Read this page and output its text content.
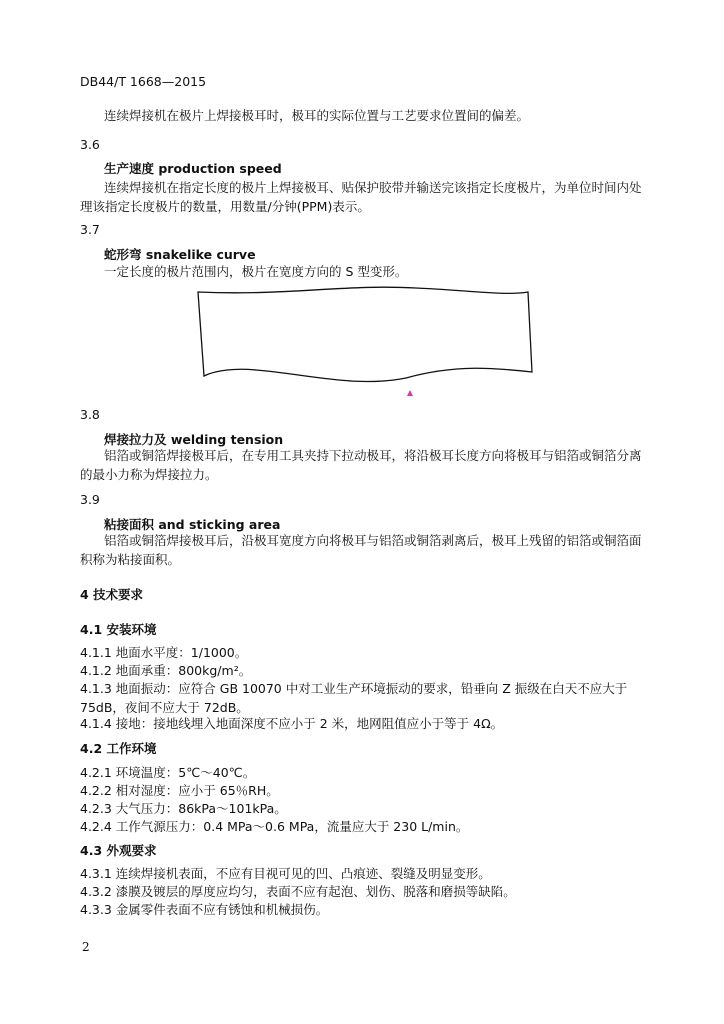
DB44/T 1668—2015
连续焊接机在极片上焊接极耳时，极耳的实际位置与工艺要求位置间的偏差。
3.6
生产速度 production speed
连续焊接机在指定长度的极片上焊接极耳、贴保护胶带并输送完该指定长度极片，为单位时间内处理该指定长度极片的数量，用数量/分钟(PPM)表示。
3.7
蛇形弯 snakelike curve
一定长度的极片范围内，极片在宽度方向的 S 型变形。
3.8
焊接拉力及 welding tension
铝箔或铜箔焊接极耳后，在专用工具夹持下拉动极耳，将沿极耳长度方向将极耳与铝箔或铜箔分离的最小力称为焊接拉力。
3.9
粘接面积 and sticking area
铝箔或铜箔焊接极耳后，沿极耳宽度方向将极耳与铝箔或铜箔剥离后，极耳上残留的铝箔或铜箔面积称为粘接面积。
4 技术要求
4.1 安装环境
4.1.1 地面水平度：1/1000。
4.1.2 地面承重：800kg/m²。
4.1.3 地面振动：应符合 GB 10070 中对工业生产环境振动的要求，铅垂向 Z 振级在白天不应大于 75dB，夜间不应大于 72dB。
4.1.4 接地：接地线埋入地面深度不应小于 2 米，地网阻值应小于等于 4Ω。
4.2 工作环境
4.2.1 环境温度：5℃～40℃。
4.2.2 相对湿度：应小于 65％RH。
4.2.3 大气压力：86kPa～101kPa。
4.2.4 工作气源压力：0.4 MPa～0.6 MPa，流量应大于 230 L/min。
4.3 外观要求
4.3.1 连续焊接机表面，不应有目视可见的凹、凸痕迹、裂缝及明显变形。
4.3.2 漆膜及镀层的厚度应均匀，表面不应有起泡、划伤、脱落和磨损等缺陷。
4.3.3 金属零件表面不应有锈蚀和机械损伤。
2
